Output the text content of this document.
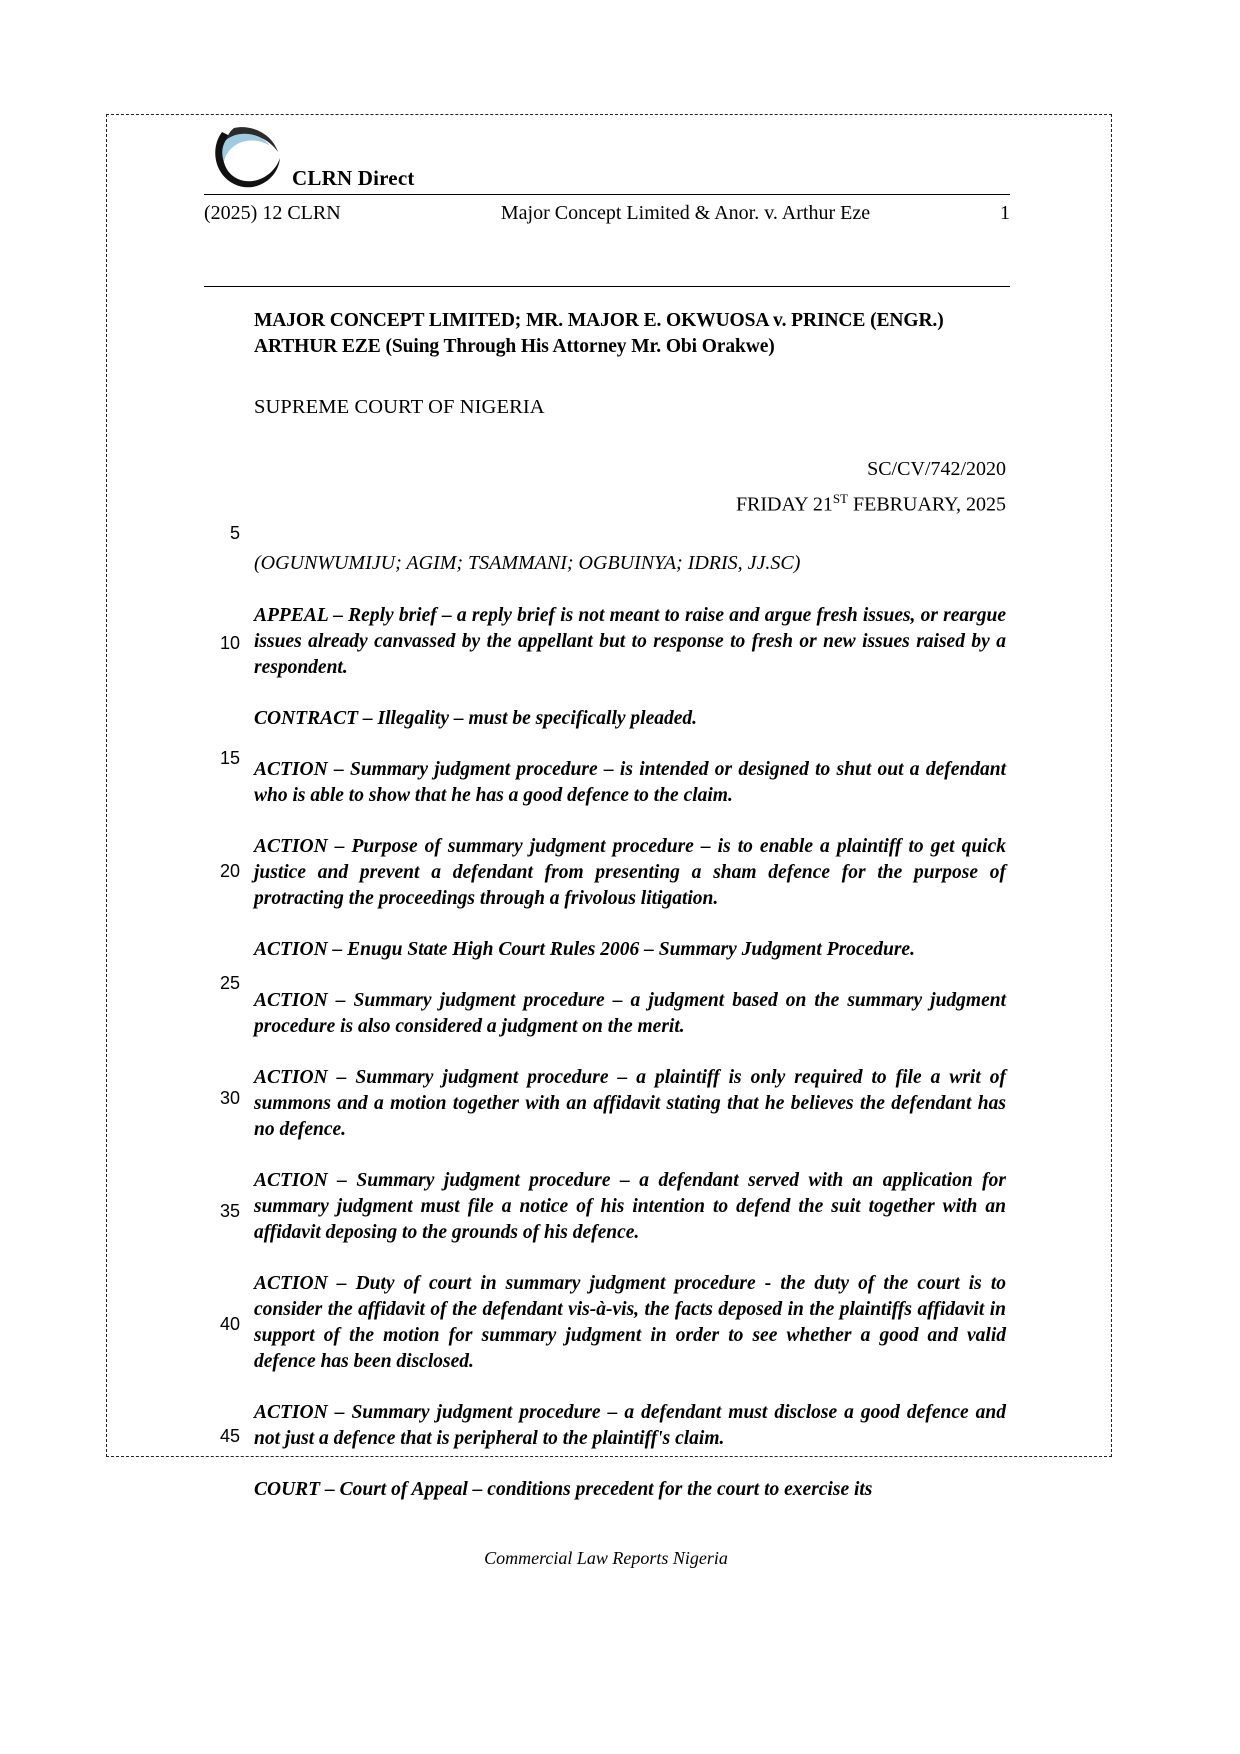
CLRN Direct
(2025) 12 CLRN	Major Concept Limited & Anor. v. Arthur Eze	1
5
10
15
20
25
30
35
40
45

MAJOR CONCEPT LIMITED; MR. MAJOR E. OKWUOSA v. PRINCE (ENGR.)

ARTHUR EZE (Suing Through His Attorney Mr. Obi Orakwe)

SUPREME COURT OF NIGERIA

SC/CV/742/2020
FRIDAY 21ST FEBRUARY, 2025

(OGUNWUMIJU; AGIM; TSAMMANI; OGBUINYA; IDRIS, JJ.SC)

APPEAL – Reply brief – a reply brief is not meant to raise and argue fresh issues, or reargue issues already canvassed by the appellant but to response to fresh or new issues raised by a respondent.

CONTRACT – Illegality – must be specifically pleaded.

ACTION – Summary judgment procedure – is intended or designed to shut out a defendant who is able to show that he has a good defence to the claim.

ACTION – Purpose of summary judgment procedure – is to enable a plaintiff to get quick justice and prevent a defendant from presenting a sham defence for the purpose of protracting the proceedings through a frivolous litigation.

ACTION – Enugu State High Court Rules 2006 – Summary Judgment Procedure.

ACTION – Summary judgment procedure – a judgment based on the summary judgment procedure is also considered a judgment on the merit.

ACTION – Summary judgment procedure – a plaintiff is only required to file a writ of summons and a motion together with an affidavit stating that he believes the defendant has no defence.

ACTION – Summary judgment procedure – a defendant served with an application for summary judgment must file a notice of his intention to defend the suit together with an affidavit deposing to the grounds of his defence.

ACTION – Duty of court in summary judgment procedure - the duty of the court is to consider the affidavit of the defendant vis-à-vis, the facts deposed in the plaintiffs affidavit in support of the motion for summary judgment in order to see whether a good and valid defence has been disclosed.

ACTION – Summary judgment procedure – a defendant must disclose a good defence and not just a defence that is peripheral to the plaintiff's claim.

COURT – Court of Appeal – conditions precedent for the court to exercise its

Commercial Law Reports Nigeria
